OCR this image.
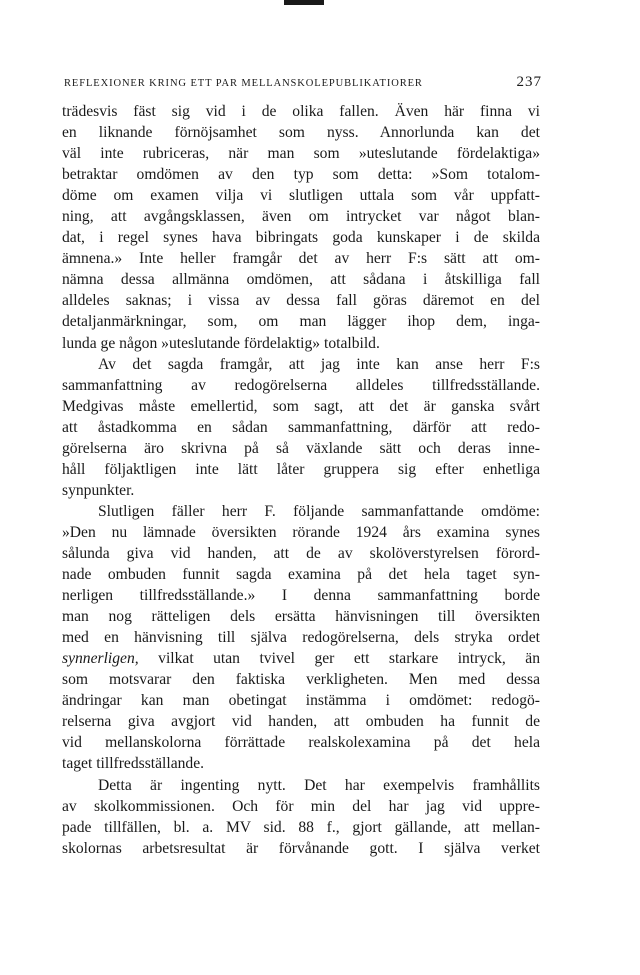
REFLEXIONER KRING ETT PAR MELLANSKOLEPUBLIKATIORER	237
trädesvis fäst sig vid i de olika fallen. Även här finna vi
en liknande förnöjsamhet som nyss. Annorlunda kan det
väl inte rubriceras, när man som »uteslutande fördelaktiga»
betraktar omdömen av den typ som detta: »Som totalom-
döme om examen vilja vi slutligen uttala som vår uppfatt-
ning, att avgångsklassen, även om intrycket var något blan-
dat, i regel synes hava bibringats goda kunskaper i de skilda
ämnena.» Inte heller framgår det av herr F:s sätt att om-
nämna dessa allmänna omdömen, att sådana i åtskilliga fall
alldeles saknas; i vissa av dessa fall göras däremot en del
detaljanmärkningar, som, om man lägger ihop dem, inga-
lunda ge någon »uteslutande fördelaktig» totalbild.
Av det sagda framgår, att jag inte kan anse herr F:s
sammanfattning av redogörelserna alldeles tillfredsställande.
Medgivas måste emellertid, som sagt, att det är ganska svårt
att åstadkomma en sådan sammanfattning, därför att redo-
görelserna äro skrivna på så växlande sätt och deras inne-
håll följaktligen inte lätt låter gruppera sig efter enhetliga
synpunkter.
Slutligen fäller herr F. följande sammanfattande omdöme:
»Den nu lämnade översikten rörande 1924 års examina synes
sålunda giva vid handen, att de av skolöverstyrelsen förord-
nade ombuden funnit sagda examina på det hela taget syn-
nerligen tillfredsställande.» I denna sammanfattning borde
man nog rätteligen dels ersätta hänvisningen till översikten
med en hänvisning till själva redogörelserna, dels stryka ordet
synnerligen, vilkat utan tvivel ger ett starkare intryck, än
som motsvarar den faktiska verkligheten. Men med dessa
ändringar kan man obetingat instämma i omdömet: redogö-
relserna giva avgjort vid handen, att ombuden ha funnit de
vid mellanskolorna förrättade realskolexamina på det hela
taget tillfredsställande.
Detta är ingenting nytt. Det har exempelvis framhållits
av skolkommissionen. Och för min del har jag vid uppre-
pade tillfällen, bl. a. MV sid. 88 f., gjort gällande, att mellan-
skolornas arbetsresultat är förvånande gott. I själva verket
